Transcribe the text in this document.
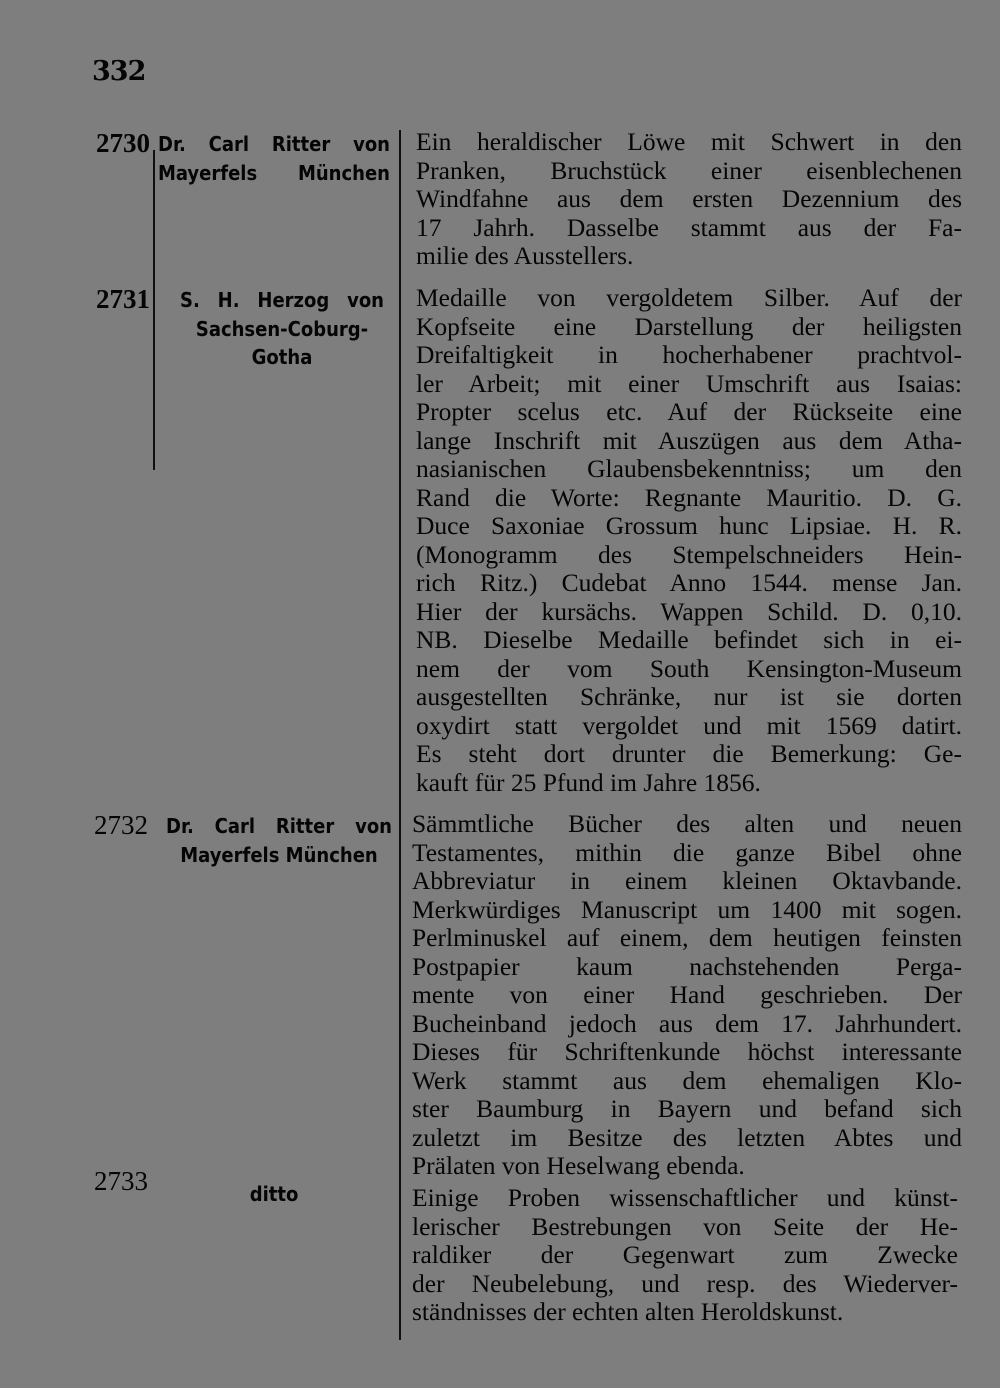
332
2730 Dr. Carl Ritter von
Mayerfels München
Ein heraldischer Löwe mit Schwert in den
Pranken, Bruchstück einer eisenblechenen
Windfahne aus dem ersten Dezennium des
17 Jahrh. Dasselbe stammt aus der Fa-
milie des Ausstellers.
2731 S. H. Herzog von
Sachsen-Coburg-
Gotha
Medaille von vergoldetem Silber. Auf der
Kopfseite eine Darstellung der heiligsten
Dreifaltigkeit in hocherhabener prachtvol-
ler Arbeit; mit einer Umschrift aus Isaias:
Propter scelus etc. Auf der Rückseite eine
lange Inschrift mit Auszügen aus dem Atha-
nasianischen Glaubensbekenntniss; um den
Rand die Worte: Regnante Mauritio. D. G.
Duce Saxoniae Grossum hunc Lipsiae. H. R.
(Monogramm des Stempelschneiders Hein-
rich Ritz.) Cudebat Anno 1544. mense Jan.
Hier der kursächs. Wappen Schild. D. 0,10.
NB. Dieselbe Medaille befindet sich in ei-
nem der vom South Kensington-Museum
ausgestellten Schränke, nur ist sie dorten
oxydirt statt vergoldet und mit 1569 datirt.
Es steht dort drunter die Bemerkung: Ge-
kauft für 25 Pfund im Jahre 1856.
2732 Dr. Carl Ritter von
Mayerfels München
Sämmtliche Bücher des alten und neuen
Testamentes, mithin die ganze Bibel ohne
Abbreviatur in einem kleinen Oktavbande.
Merkwürdiges Manuscript um 1400 mit sogen.
Perlminuskel auf einem, dem heutigen feinsten
Postpapier kaum nachstehenden Perga-
mente von einer Hand geschrieben. Der
Bucheinband jedoch aus dem 17. Jahrhundert.
Dieses für Schriftenkunde höchst interessante
Werk stammt aus dem ehemaligen Klo-
ster Baumburg in Bayern und befand sich
zuletzt im Besitze des letzten Abtes und
Prälaten von Heselwang ebenda.
2733	ditto	Einige Proben wissenschaftlicher und künst-
lerischer Bestrebungen von Seite der He-
raldiker der Gegenwart zum Zwecke
der Neubelebung, und resp. des Wiederver-
ständnisses der echten alten Heroldskunst.
